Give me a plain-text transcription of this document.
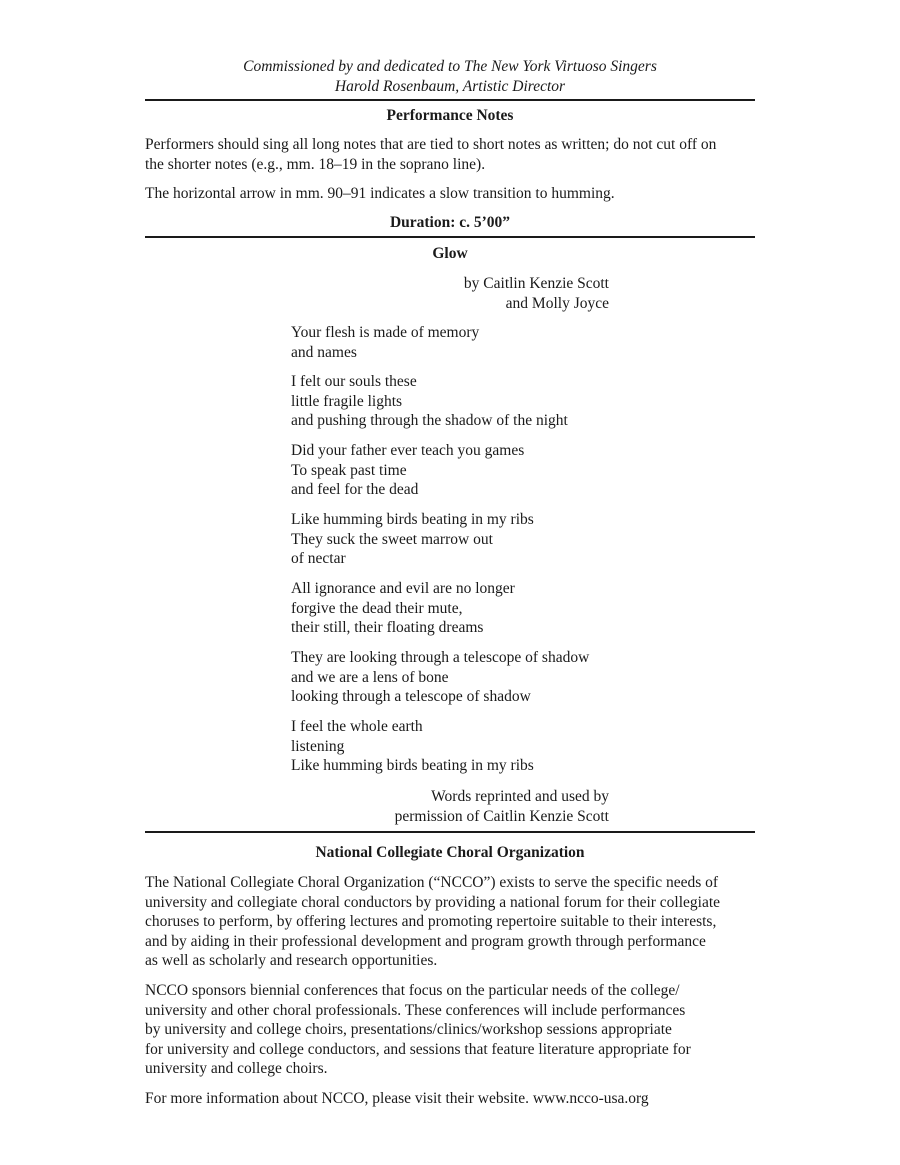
Commissioned by and dedicated to The New York Virtuoso Singers
Harold Rosenbaum, Artistic Director
Performance Notes
Performers should sing all long notes that are tied to short notes as written; do not cut off on
the shorter notes (e.g., mm. 18–19 in the soprano line).
The horizontal arrow in mm. 90–91 indicates a slow transition to humming.
Duration: c. 5’00”
Glow
by Caitlin Kenzie Scott
and Molly Joyce
Your flesh is made of memory
and names
I felt our souls these
little fragile lights
and pushing through the shadow of the night
Did your father ever teach you games
To speak past time
and feel for the dead
Like humming birds beating in my ribs
They suck the sweet marrow out
of nectar
All ignorance and evil are no longer
forgive the dead their mute,
their still, their floating dreams
They are looking through a telescope of shadow
and we are a lens of bone
looking through a telescope of shadow
I feel the whole earth
listening
Like humming birds beating in my ribs
Words reprinted and used by
permission of Caitlin Kenzie Scott
National Collegiate Choral Organization
The National Collegiate Choral Organization (“NCCO”) exists to serve the specific needs of
university and collegiate choral conductors by providing a national forum for their collegiate
choruses to perform, by offering lectures and promoting repertoire suitable to their interests,
and by aiding in their professional development and program growth through performance
as well as scholarly and research opportunities.
NCCO sponsors biennial conferences that focus on the particular needs of the college/
university and other choral professionals. These conferences will include performances
by university and college choirs, presentations/clinics/workshop sessions appropriate
for university and college conductors, and sessions that feature literature appropriate for
university and college choirs.
For more information about NCCO, please visit their website. www.ncco-usa.org
